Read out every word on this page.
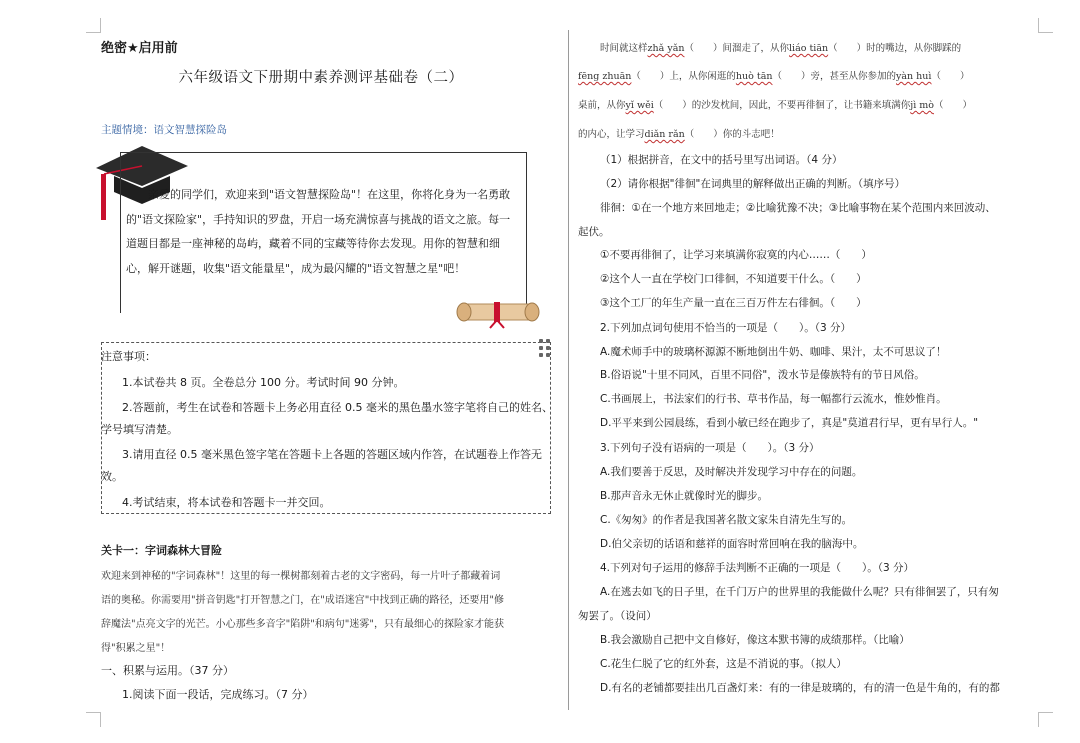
绝密★启用前
六年级语文下册期中素养测评基础卷（二）
主题情境：语文智慧探险岛

亲爱的同学们，欢迎来到"语文智慧探险岛"！在这里，你将化身为一名勇敢的"语文探险家"，手持知识的罗盘，开启一场充满惊喜与挑战的语文之旅。每一道题目都是一座神秘的岛屿，藏着不同的宝藏等待你去发现。用你的智慧和细心，解开谜题，收集"语文能量星"，成为最闪耀的"语文智慧之星"吧！

注意事项：
1.本试卷共 8 页。全卷总分 100 分。考试时间 90 分钟。
2.答题前，考生在试卷和答题卡上务必用直径 0.5 毫米的黑色墨水签字笔将自己的姓名、
学号填写清楚。
3.请用直径 0.5 毫米黑色签字笔在答题卡上各题的答题区域内作答，在试题卷上作答无
效。
4.考试结束，将本试卷和答题卡一并交回。
关卡一：字词森林大冒险
欢迎来到神秘的"字词森林"！这里的每一棵树都刻着古老的文字密码，每一片叶子都藏着词
语的奥秘。你需要用"拼音钥匙"打开智慧之门，在"成语迷宫"中找到正确的路径，还要用"修
辞魔法"点亮文字的光芒。小心那些多音字"陷阱"和病句"迷雾"，只有最细心的探险家才能获
得"积累之星"！
一、积累与运用。（37 分）
1.阅读下面一段话，完成练习。（7 分）
时间就这样zhǎ yǎn（　　）间溜走了，从你liáo tiān（　　）时的嘴边，从你脚踩的
fēng zhuān（　　）上，从你闲逛的huò tān（　　）旁，甚至从你参加的yàn huì（　　）
桌前，从你yǐ wěi（　　）的沙发枕间，因此，不要再徘徊了，让书籍来填满你jì mò（　　）
的内心，让学习diǎn rǎn（　　）你的斗志吧！
（1）根据拼音，在文中的括号里写出词语。（4 分）
（2）请你根据"徘徊"在词典里的解释做出正确的判断。（填序号）
徘徊：①在一个地方来回地走；②比喻犹豫不决；③比喻事物在某个范围内来回波动、
起伏。
①不要再徘徊了，让学习来填满你寂寞的内心……（　　）
②这个人一直在学校门口徘徊，不知道要干什么。（　　）
③这个工厂的年生产量一直在三百万件左右徘徊。（　　）
2.下列加点词句使用不恰当的一项是（　　）。（3 分）
A.魔术师手中的玻璃杯源源不断地倒出牛奶、咖啡、果汁，太不可思议了！
B.俗语说"十里不同风，百里不同俗"，泼水节是傣族特有的节日风俗。
C.书画展上，书法家们的行书、草书作品，每一幅都行云流水，惟妙惟肖。
D.平平来到公园晨练，看到小敏已经在跑步了，真是"莫道君行早，更有早行人。"
3.下列句子没有语病的一项是（　　）。（3 分）
A.我们要善于反思，及时解决并发现学习中存在的问题。
B.那声音永无休止就像时光的脚步。
C.《匆匆》的作者是我国著名散文家朱自清先生写的。
D.伯父亲切的话语和慈祥的面容时常回响在我的脑海中。
4.下列对句子运用的修辞手法判断不正确的一项是（　　）。（3 分）
A.在逃去如飞的日子里，在千门万户的世界里的我能做什么呢？只有徘徊罢了，只有匆
匆罢了。（设问）
B.我会激励自己把中文自修好，像这本默书簿的成绩那样。（比喻）
C.花生仁脱了它的红外套，这是不消说的事。（拟人）
D.有名的老铺都要挂出几百盏灯来：有的一律是玻璃的，有的清一色是牛角的，有的都
